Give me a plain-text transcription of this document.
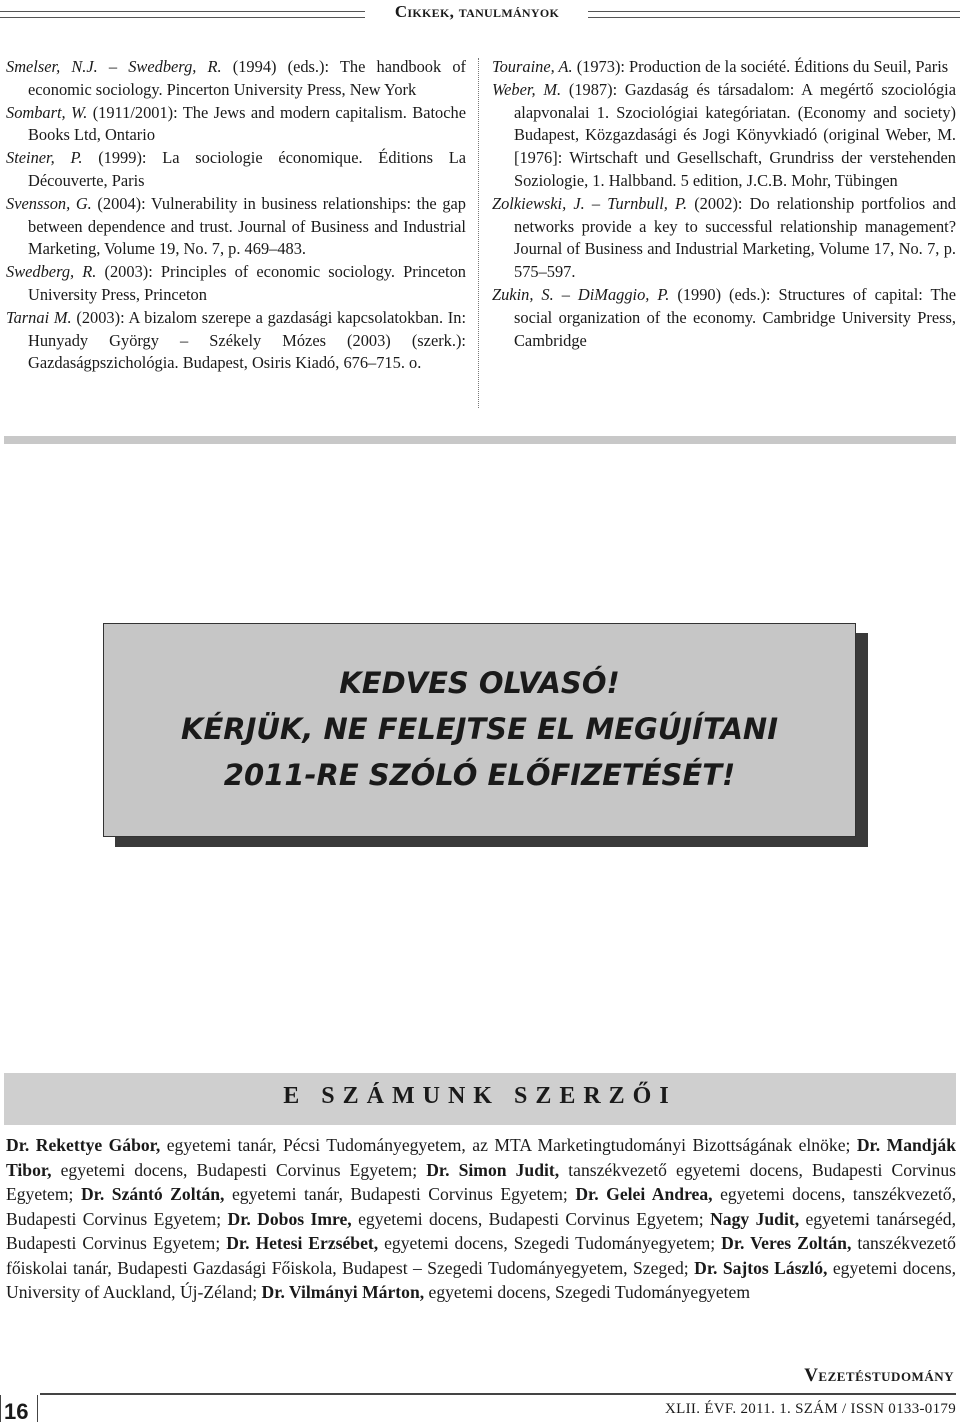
Cikkek, tanulmányok
Smelser, N.J. – Swedberg, R. (1994) (eds.): The handbook of economic sociology. Pincerton University Press, New York
Sombart, W. (1911/2001): The Jews and modern capitalism. Batoche Books Ltd, Ontario
Steiner, P. (1999): La sociologie économique. Éditions La Découverte, Paris
Svensson, G. (2004): Vulnerability in business relationships: the gap between dependence and trust. Journal of Business and Industrial Marketing, Volume 19, No. 7, p. 469–483.
Swedberg, R. (2003): Principles of economic sociology. Princeton University Press, Princeton
Tarnai M. (2003): A bizalom szerepe a gazdasági kapcsolatokban. In: Hunyady György – Székely Mózes (2003) (szerk.): Gazdaságpszichológia. Budapest, Osiris Kiadó, 676–715. o.
Touraine, A. (1973): Production de la société. Éditions du Seuil, Paris
Weber, M. (1987): Gazdaság és társadalom: A megértő szociológia alapvonalai 1. Szociológiai kategóriatan. (Economy and society) Budapest, Közgazdasági és Jogi Könyvkiadó (original Weber, M. [1976]: Wirtschaft und Gesellschaft, Grundriss der verstehenden Soziologie, 1. Halbband. 5 edition, J.C.B. Mohr, Tübingen
Zolkiewski, J. – Turnbull, P. (2002): Do relationship portfolios and networks provide a key to successful relationship management? Journal of Business and Industrial Marketing, Volume 17, No. 7, p. 575–597.
Zukin, S. – DiMaggio, P. (1990) (eds.): Structures of capital: The social organization of the economy. Cambridge University Press, Cambridge
KEDVES OLVASÓ!
KÉRJÜK, NE FELEJTSE EL MEGÚJÍTANI
2011-RE SZÓLÓ ELŐFIZETÉSÉT!
E SZÁMUNK SZERZŐI
Dr. Rekettye Gábor, egyetemi tanár, Pécsi Tudományegyetem, az MTA Marketingtudományi Bizottságának elnöke; Dr. Mandják Tibor, egyetemi docens, Budapesti Corvinus Egyetem; Dr. Simon Judit, tanszékvezető egyetemi docens, Budapesti Corvinus Egyetem; Dr. Szántó Zoltán, egyetemi tanár, Budapesti Corvinus Egyetem; Dr. Gelei Andrea, egyetemi docens, tanszékvezető, Budapesti Corvinus Egyetem; Dr. Dobos Imre, egyetemi docens, Budapesti Corvinus Egyetem; Nagy Judit, egyetemi tanársegéd, Budapesti Corvinus Egyetem; Dr. Hetesi Erzsébet, egyetemi docens, Szegedi Tudományegyetem; Dr. Veres Zoltán, tanszékvezető főiskolai tanár, Budapesti Gazdasági Főiskola, Budapest – Szegedi Tudományegyetem, Szeged; Dr. Sajtos László, egyetemi docens, University of Auckland, Új-Zéland; Dr. Vilmányi Márton, egyetemi docens, Szegedi Tudományegyetem
Vezetéstudomány
16	XLII. ÉVF. 2011. 1. SZÁM / ISSN 0133-0179
